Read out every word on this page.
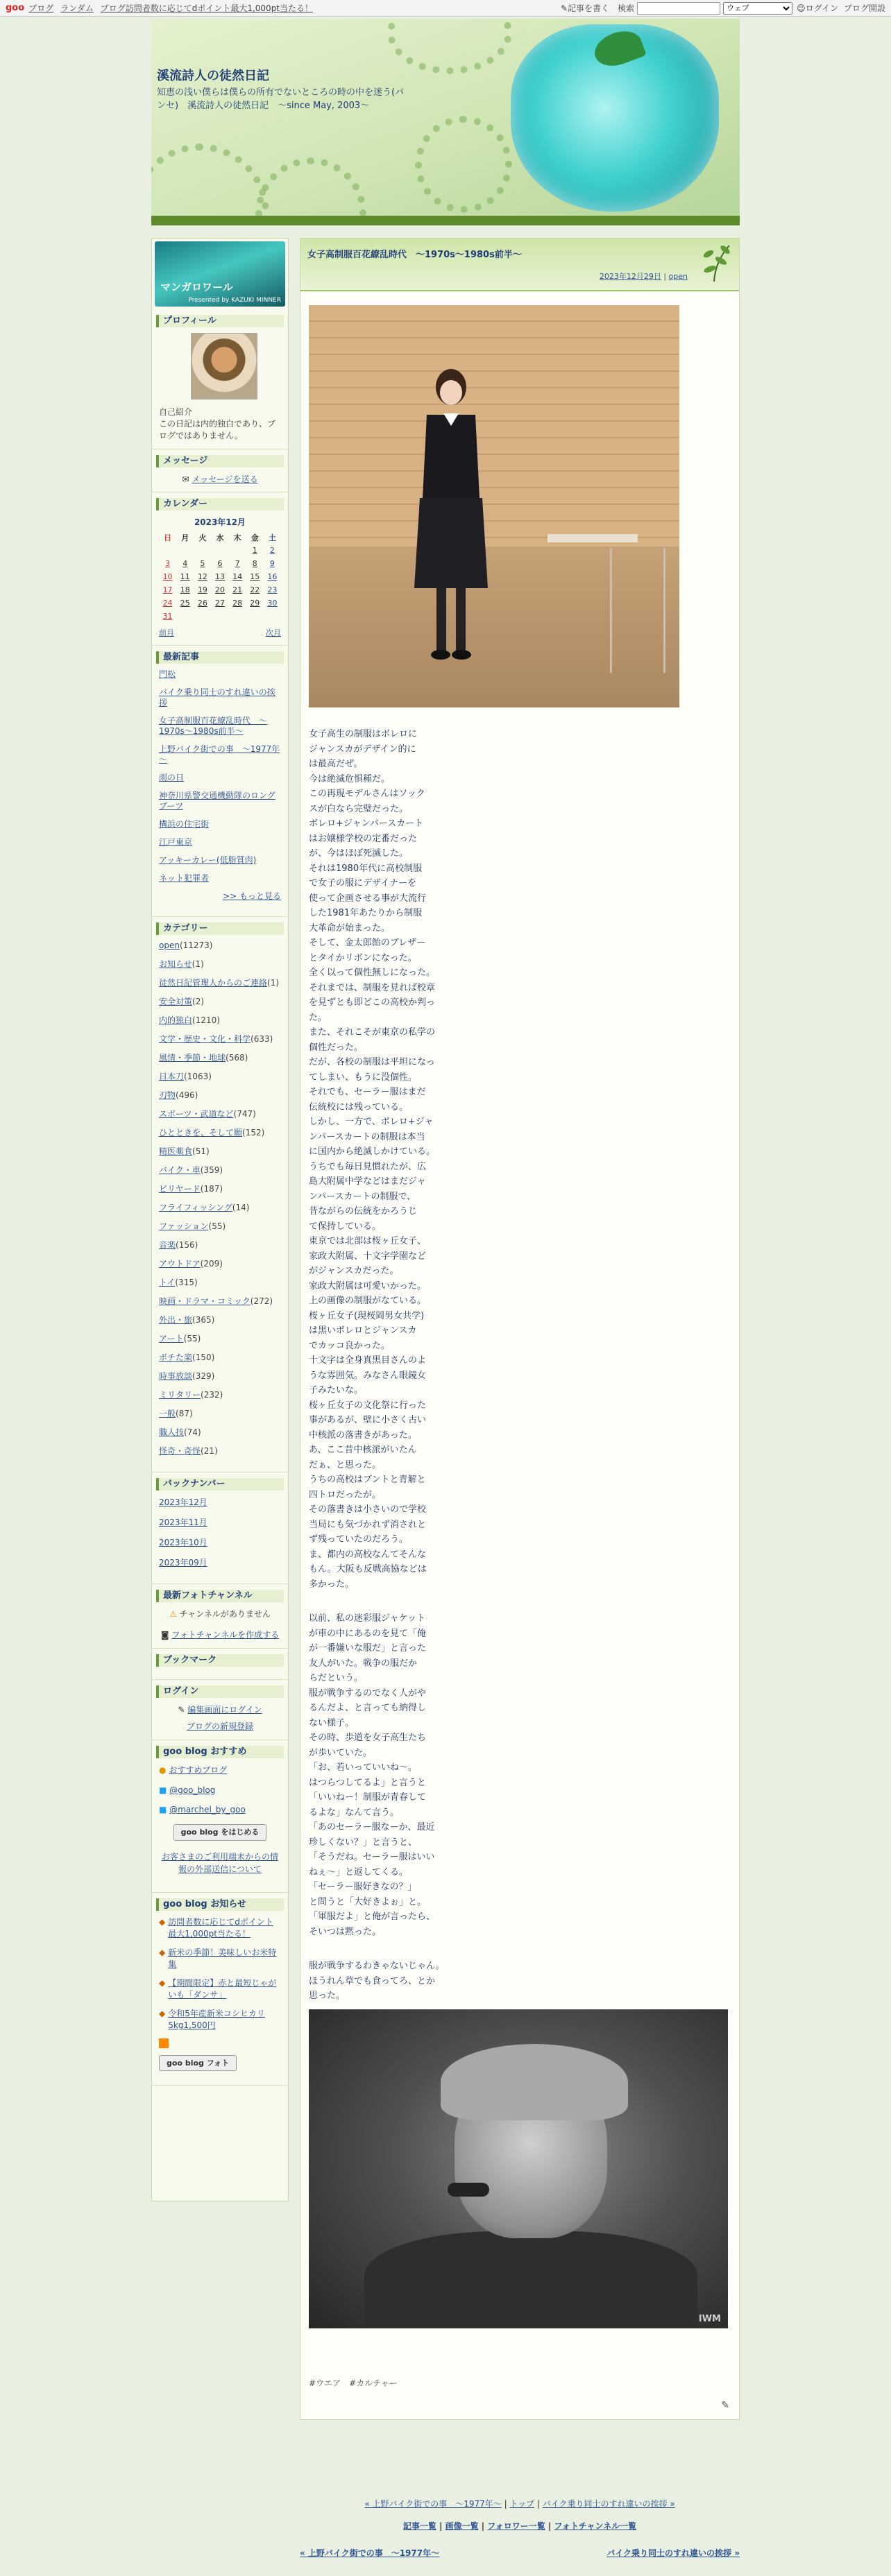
goo ブログ ランダム ブログ訪問者数に応じてdポイント最大1,000pt当たる！	✎記事を書く 検索
ウェブ	☺ログイン ブログ開設
溪流詩人の徒然日記
知恵の浅い僕らは僕らの所有でないところの時の中を迷う(パンセ)　溪流詩人の徒然日記　～since May, 2003～
マンガロワール
Presented by KAZUKI MINNER
プロフィール
自己紹介
この日記は内的独白であり、ブログではありません。
メッセージ
✉ メッセージを送る
カレンダー
2023年12月
日	月	火	水	木	金	土
					1	2
3	4	5	6	7	8	9
10	11	12	13	14	15	16
17	18	19	20	21	22	23
24	25	26	27	28	29	30
31						
前月	次月
最新記事
門松
バイク乗り同士のすれ違いの挨拶
女子高制服百花繚乱時代　～1970s～1980s前半～
上野バイク街での事　～1977年～
雨の日
神奈川県警交通機動隊のロングブーツ
構浜の住宅街
江戸東京
アッキーカレー(低脂質肉)
ネット犯罪者
>> もっと見る
カテゴリー
open(11273)
お知らせ(1)
徒然日記管理人からのご連絡(1)
安全対策(2)
内的独白(1210)
文学・歴史・文化・科学(633)
風情・季節・地球(568)
日本刀(1063)
刃物(496)
スポーツ・武道など(747)
ひとときを、そして願(152)
精医薬食(51)
バイク・車(359)
ビリヤード(187)
フライフィッシング(14)
ファッション(55)
音楽(156)
アウトドア(209)
トイ(315)
映画・ドラマ・コミック(272)
外出・旅(365)
アート(55)
ボチた楽(150)
時事放談(329)
ミリタリー(232)
一般(87)
職人技(74)
怪奇・奇怪(21)
バックナンバー
2023年12月
2023年11月
2023年10月
2023年09月
最新フォトチャンネル
⚠ チャンネルがありません
◙ フォトチャンネルを作成する
ブックマーク
ログイン
✎ 編集画面にログイン
ブログの新規登録
goo blog おすすめ
● おすすめブログ
■ @goo_blog
■ @marchel_by_goo
goo blog をはじめる
お客さまのご利用端末からの情報の外部送信について
goo blog お知らせ
◆ 訪問者数に応じてdポイント最大1,000pt当たる！
◆ 新米の季節！美味しいお米特集
◆ 【期間限定】赤と最短じゃがいも「ダンサ」
◆ 令和5年産新米コシヒカリ5kg1,500円
goo blog フォト
女子高制服百花繚乱時代　～1970s～1980s前半～
2023年12月29日 | open

女子高生の制服はボレロに
ジャンスカがデザイン的に
は最高だぜ。
今は絶滅危惧種だ。
この再現モデルさんはソック
スが白なら完璧だった。
ボレロ+ジャンパースカート
はお嬢様学校の定番だった
が、今はほぼ死滅した。
それは1980年代に高校制服
で女子の服にデザイナーを
使って企画させる事が大流行
した1981年あたりから制服
大革命が始まった。
そして、金太郎飴のブレザー
とタイかリボンになった。
全く以って個性無しになった。
それまでは、制服を見れば校章
を見ずとも即どこの高校か判っ
た。
また、それこそが東京の私学の
個性だった。
だが、各校の制服は平坦になっ
てしまい、もうに没個性。
それでも、セーラー服はまだ
伝統校には残っている。
しかし、一方で、ボレロ+ジャ
ンパースカートの制服は本当
に国内から絶滅しかけている。
うちでも毎日見慣れたが、広
島大附属中学などはまだジャ
ンパースカートの制服で、
昔ながらの伝統をかろうじ
て保持している。
東京では北部は桜ヶ丘女子、
家政大附属、十文字学園など
がジャンスカだった。
家政大附属は可愛いかった。
上の画像の制服がなている。
桜ヶ丘女子(現桜岡男女共学)
は黒いボレロとジャンスカ
でカッコ良かった。
十文字は全身真黒目さんのよ
うな雰囲気。みなさん眼鏡女
子みたいな。
桜ヶ丘女子の文化祭に行った
事があるが、壁に小さく古い
中核派の落書きがあった。
あ、ここ昔中核派がいたん
だぁ、と思った。
うちの高校はブントと青解と
四トロだったが。
その落書きは小さいので学校
当局にも気づかれず消されと
ず残っていたのだろう。
ま、都内の高校なんてそんな
もん。大阪も反戦高協などは
多かった。

以前、私の迷彩服ジャケット
が車の中にあるのを見て「俺
が一番嫌いな服だ」と言った
友人がいた。戦争の服だか
らだという。
服が戦争するのでなく人がや
るんだよ、と言っても納得し
ない様子。
その時、歩道を女子高生たち
が歩いていた。
「お、若いっていいね～。
はつらつしてるよ」と言うと
「いいねー！制服が青春して
るよな」なんて言う。
「あのセーラー服なーか、最近
珍しくない？」と言うと、
「そうだね。セーラー服はいい
ねぇ～」と返してくる。
「セーラー服好きなの？」
と問うと「大好きよぉ」と。
「軍服だよ」と俺が言ったら、
そいつは黙った。

服が戦争するわきゃないじゃん。
ほうれん草でも食ってろ、とか
思った。

IWM
#ウエア　#カルチャー
✎
« 上野バイク街での事　～1977年～ | トップ | バイク乗り同士のすれ違いの挨拶 »
記事一覧 | 画像一覧 | フォロワー一覧 | フォトチャンネル一覧
« 上野バイク街での事　～1977年～	バイク乗り同士のすれ違いの挨拶 »
